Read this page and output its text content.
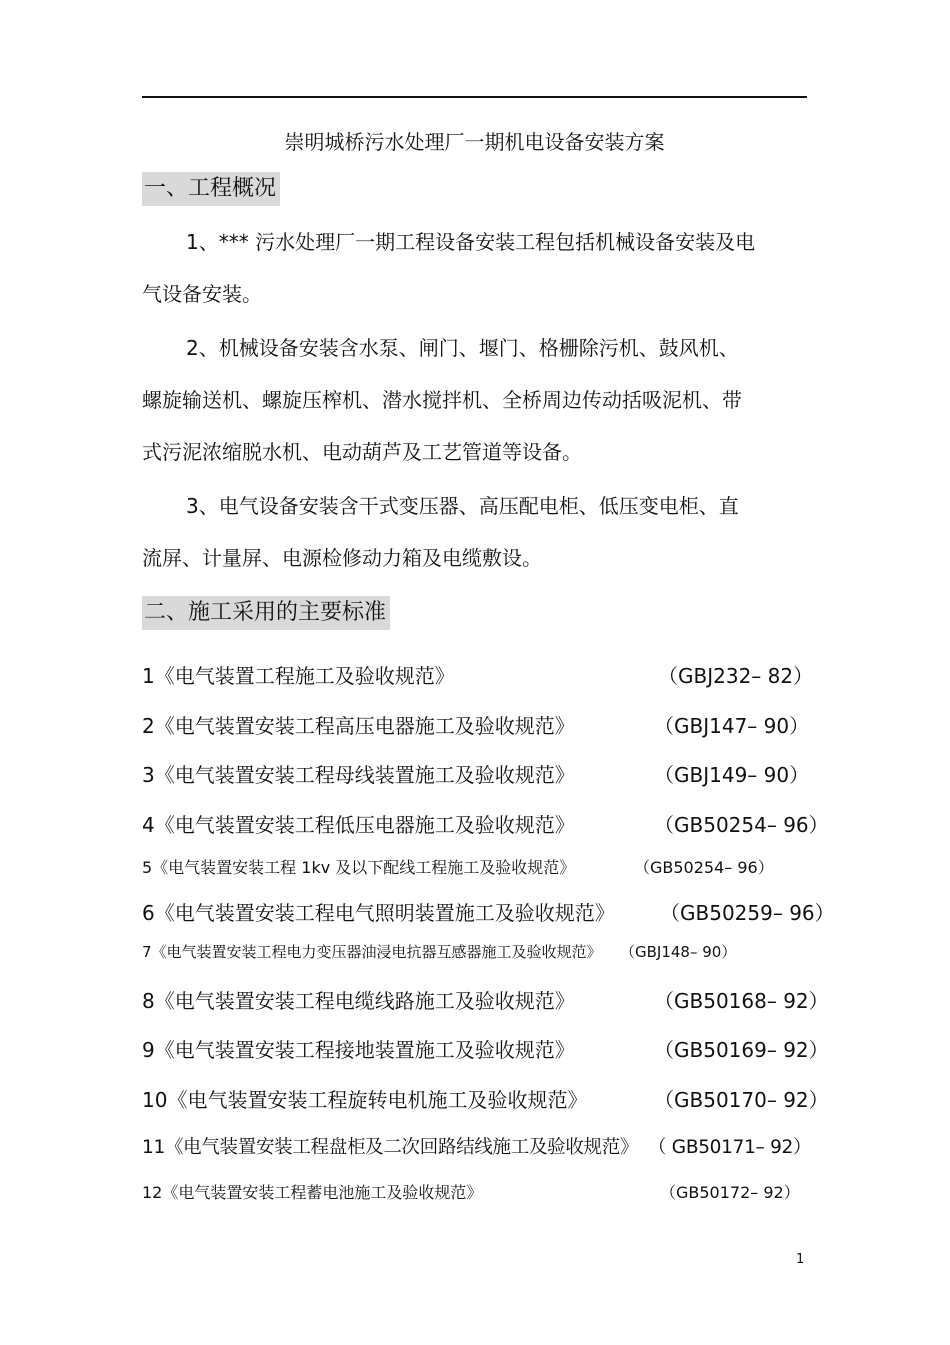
崇明城桥污水处理厂一期机电设备安装方案
一、工程概况

1、*** 污水处理厂一期工程设备安装工程包括机械设备安装及电
气设备安装。

2、机械设备安装含水泵、闸门、堰门、格栅除污机、鼓风机、
螺旋输送机、螺旋压榨机、潜水搅拌机、全桥周边传动括吸泥机、带
式污泥浓缩脱水机、电动葫芦及工艺管道等设备。

3、电气设备安装含干式变压器、高压配电柜、低压变电柜、直
流屏、计量屏、电源检修动力箱及电缆敷设。

二、施工采用的主要标准
1《电气装置工程施工及验收规范》	（GBJ232– 82）
2《电气装置安装工程高压电器施工及验收规范》	（GBJ147– 90）
3《电气装置安装工程母线装置施工及验收规范》	（GBJ149– 90）
4《电气装置安装工程低压电器施工及验收规范》	（GB50254– 96）
5《电气装置安装工程 1kv 及以下配线工程施工及验收规范》	（GB50254– 96）
6《电气装置安装工程电气照明装置施工及验收规范》 （GB50259– 96）
7《电气装置安装工程电力变压器油浸电抗器互感器施工及验收规范》 （GBJ148– 90）
8《电气装置安装工程电缆线路施工及验收规范》	（GB50168– 92）
9《电气装置安装工程接地装置施工及验收规范》	（GB50169– 92）
10《电气装置安装工程旋转电机施工及验收规范》	（GB50170– 92）
11《电气装置安装工程盘柜及二次回路结线施工及验收规范》 （ GB50171– 92）
12《电气装置安装工程蓄电池施工及验收规范》	（GB50172– 92）
1
